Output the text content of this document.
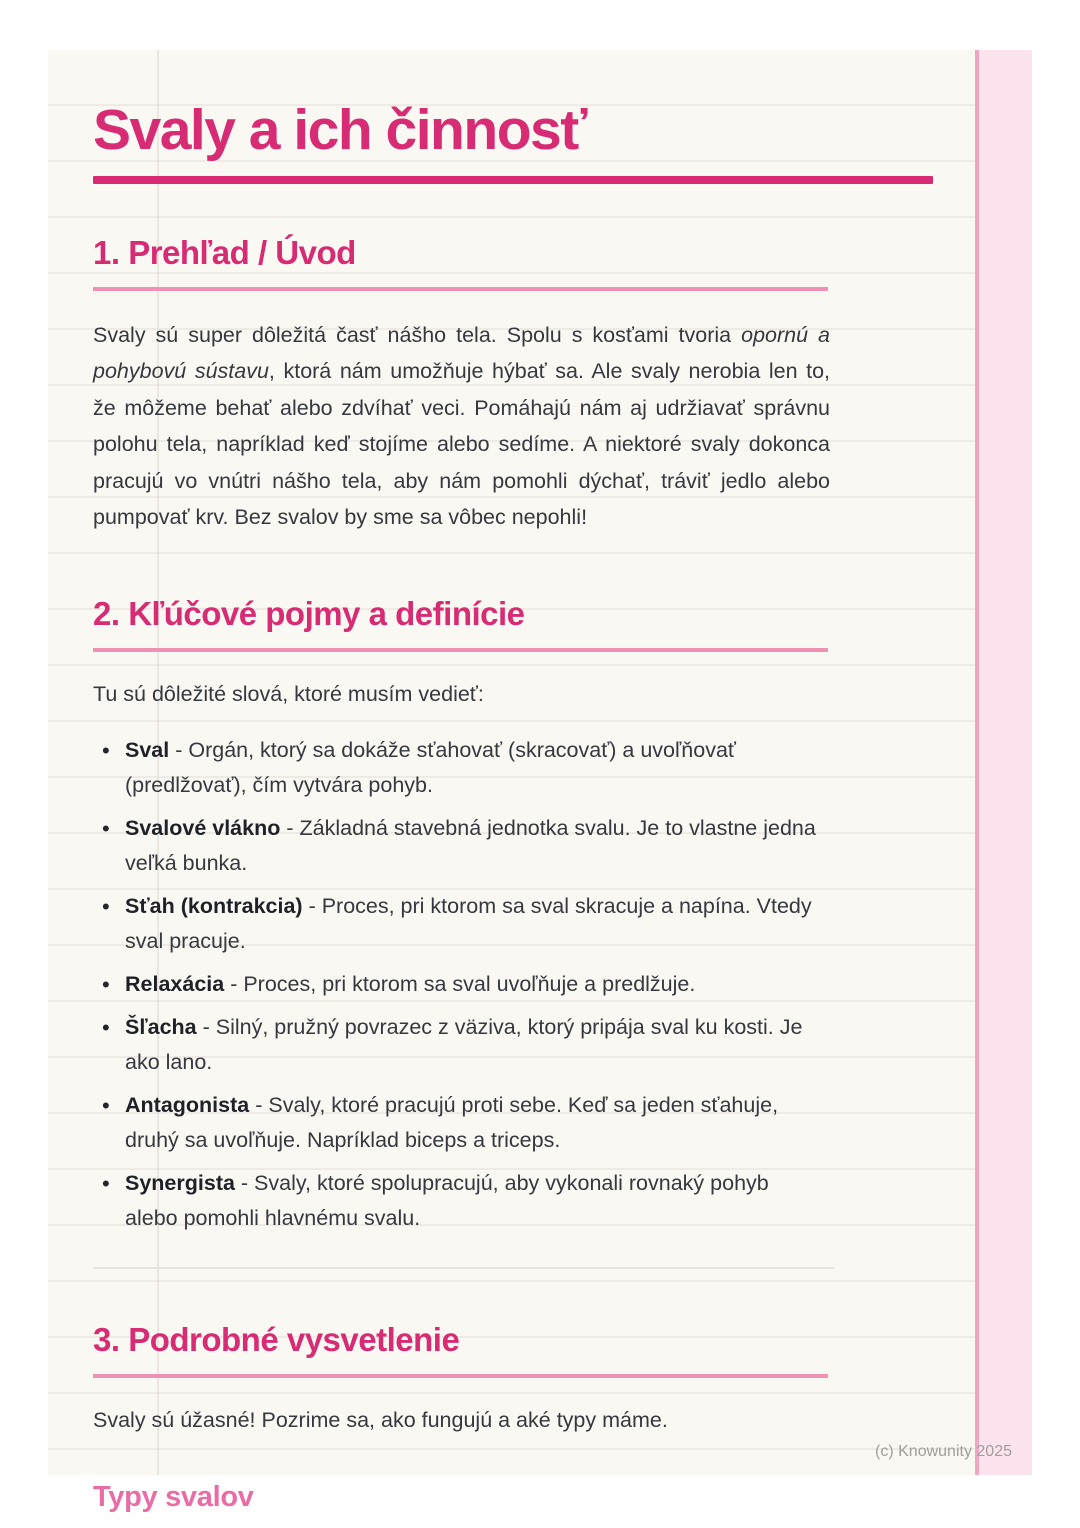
Svaly a ich činnosť
1. Prehľad / Úvod

Svaly sú super dôležitá časť nášho tela. Spolu s kosťami tvoria opornú a pohybovú sústavu, ktorá nám umožňuje hýbať sa. Ale svaly nerobia len to, že môžeme behať alebo zdvíhať veci. Pomáhajú nám aj udržiavať správnu polohu tela, napríklad keď stojíme alebo sedíme. A niektoré svaly dokonca pracujú vo vnútri nášho tela, aby nám pomohli dýchať, tráviť jedlo alebo pumpovať krv. Bez svalov by sme sa vôbec nepohli!

2. Kľúčové pojmy a definície

Tu sú dôležité slová, ktoré musím vedieť:

• Sval - Orgán, ktorý sa dokáže sťahovať (skracovať) a uvoľňovať (predlžovať), čím vytvára pohyb.
• Svalové vlákno - Základná stavebná jednotka svalu. Je to vlastne jedna veľká bunka.
• Sťah (kontrakcia) - Proces, pri ktorom sa sval skracuje a napína. Vtedy sval pracuje.
• Relaxácia - Proces, pri ktorom sa sval uvoľňuje a predlžuje.
• Šľacha - Silný, pružný povrazec z väziva, ktorý pripája sval ku kosti. Je ako lano.
• Antagonista - Svaly, ktoré pracujú proti sebe. Keď sa jeden sťahuje, druhý sa uvoľňuje. Napríklad biceps a triceps.
• Synergista - Svaly, ktoré spolupracujú, aby vykonali rovnaký pohyb alebo pomohli hlavnému svalu.
3. Podrobné vysvetlenie

Svaly sú úžasné! Pozrime sa, ako fungujú a aké typy máme.

Typy svalov
(c) Knowunity 2025
